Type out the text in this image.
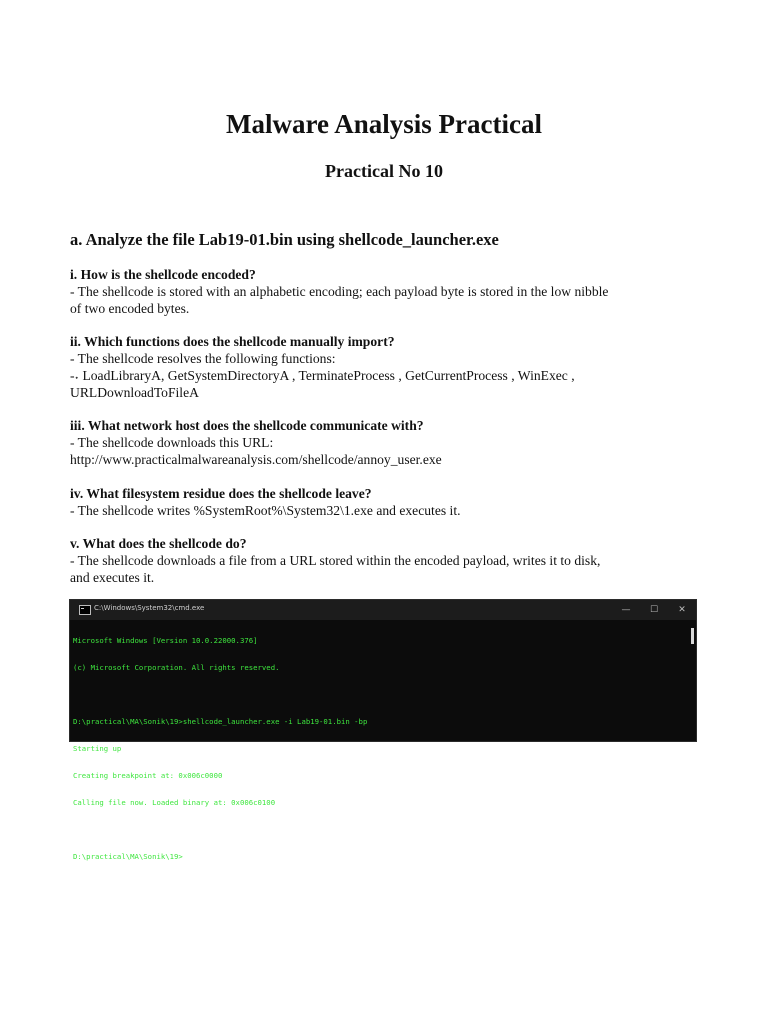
Malware Analysis Practical
Practical No 10
a. Analyze the file Lab19-01.bin using shellcode_launcher.exe
i. How is the shellcode encoded?
- The shellcode is stored with an alphabetic encoding; each payload byte is stored in the low nibble
of two encoded bytes.
ii. Which functions does the shellcode manually import?
- The shellcode resolves the following functions:
-˖ LoadLibraryA, GetSystemDirectoryA , TerminateProcess , GetCurrentProcess , WinExec ,
URLDownloadToFileA
iii. What network host does the shellcode communicate with?
- The shellcode downloads this URL:
http://www.practicalmalwareanalysis.com/shellcode/annoy_user.exe
iv. What filesystem residue does the shellcode leave?
- The shellcode writes %SystemRoot%\System32\1.exe and executes it.
v. What does the shellcode do?
- The shellcode downloads a file from a URL stored within the encoded payload, writes it to disk,
and executes it.
C:\Windows\System32\cmd.exe	—	☐	✕

Microsoft Windows [Version 10.0.22000.376]

(c) Microsoft Corporation. All rights reserved.

D:\practical\MA\Sonik\19>shellcode_launcher.exe -i Lab19-01.bin -bp

Starting up

Creating breakpoint at: 0x006c0000

Calling file now. Loaded binary at: 0x006c0100

D:\practical\MA\Sonik\19>
